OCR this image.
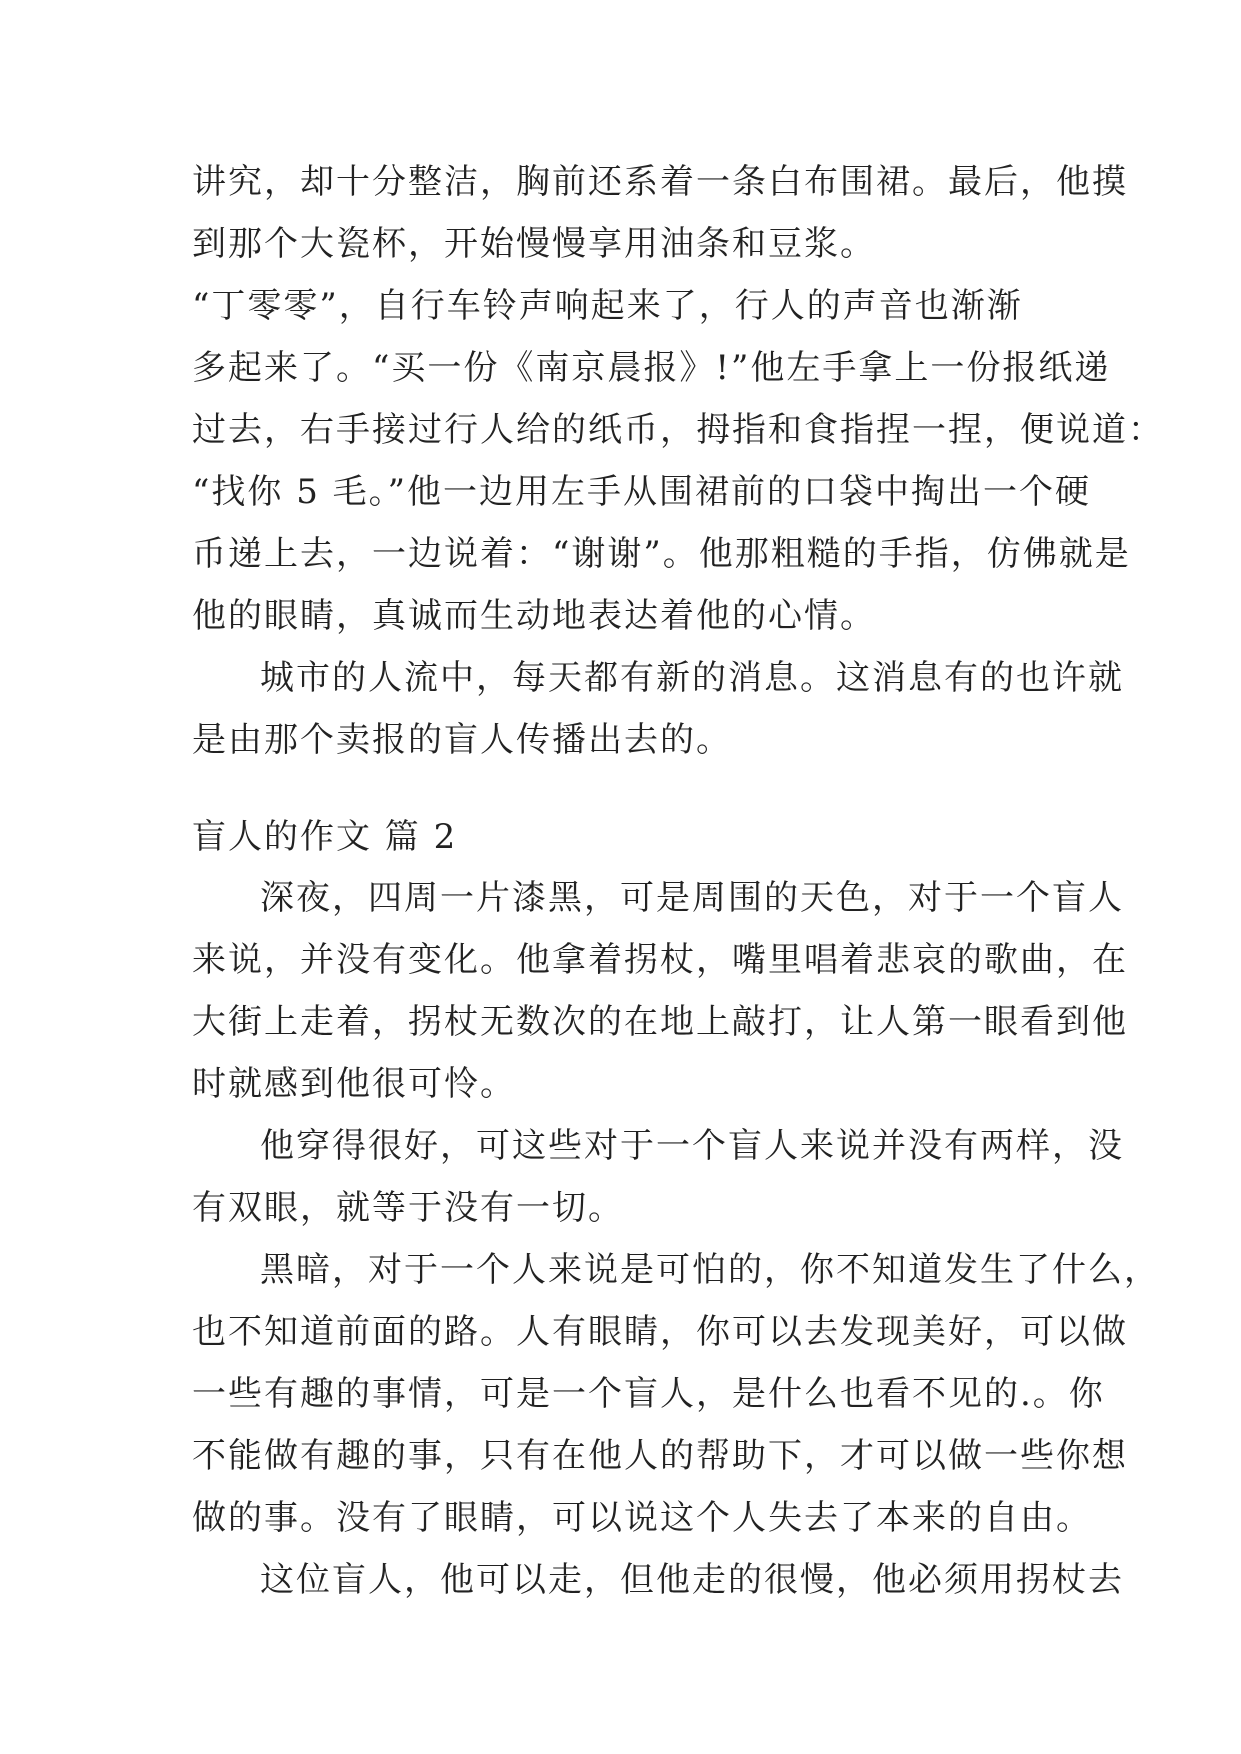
讲究，却十分整洁，胸前还系着一条白布围裙。最后，他摸
到那个大瓷杯，开始慢慢享用油条和豆浆。
“丁零零”，自行车铃声响起来了，行人的声音也渐渐
多起来了。“买一份《南京晨报》!”他左手拿上一份报纸递
过去，右手接过行人给的纸币，拇指和食指捏一捏，便说道：
“找你 5 毛。”他一边用左手从围裙前的口袋中掏出一个硬
币递上去，一边说着：“谢谢”。他那粗糙的手指，仿佛就是
他的眼睛，真诚而生动地表达着他的心情。
城市的人流中，每天都有新的消息。这消息有的也许就
是由那个卖报的盲人传播出去的。
盲人的作文 篇 2
深夜，四周一片漆黑，可是周围的天色，对于一个盲人
来说，并没有变化。他拿着拐杖，嘴里唱着悲哀的歌曲，在
大街上走着，拐杖无数次的在地上敲打，让人第一眼看到他
时就感到他很可怜。
他穿得很好，可这些对于一个盲人来说并没有两样，没
有双眼，就等于没有一切。
黑暗，对于一个人来说是可怕的，你不知道发生了什么，
也不知道前面的路。人有眼睛，你可以去发现美好，可以做
一些有趣的事情，可是一个盲人，是什么也看不见的.。你
不能做有趣的事，只有在他人的帮助下，才可以做一些你想
做的事。没有了眼睛，可以说这个人失去了本来的自由。
这位盲人，他可以走，但他走的很慢，他必须用拐杖去
